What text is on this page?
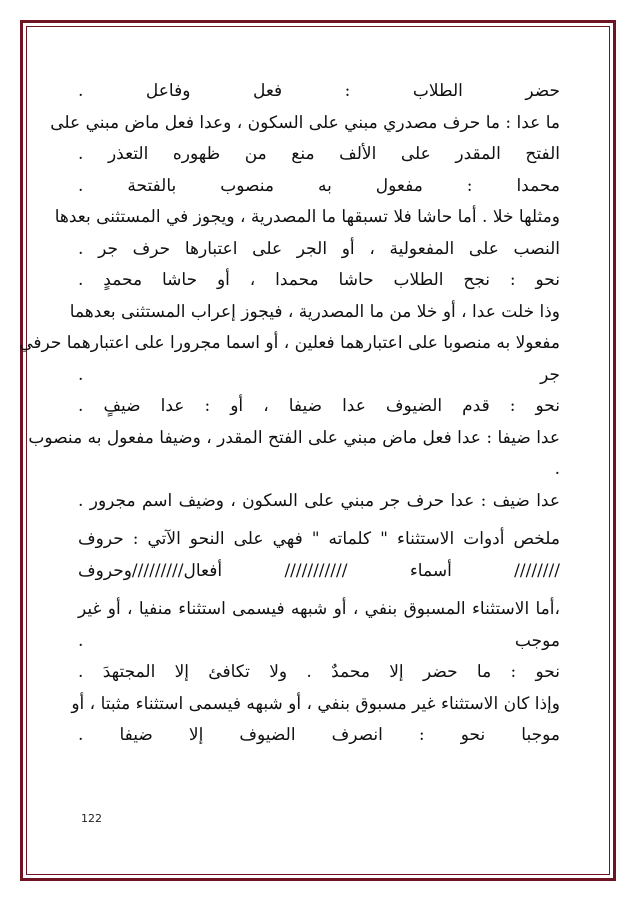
حضر الطلاب : فعل وفاعل .
ما عدا : ما حرف مصدري مبني على السكون ، وعدا فعل ماض مبني على
الفتح المقدر على الألف منع من ظهوره التعذر .
محمدا : مفعول به منصوب بالفتحة .
ومثلها خلا . أما حاشا فلا تسبقها ما المصدرية ، ويجوز في المستثنى بعدها
النصب على المفعولية ، أو الجر على اعتبارها حرف جر .
نحو : نجح الطلاب حاشا محمدا ، أو حاشا محمدٍ .
وذا خلت عدا ، أو خلا من ما المصدرية ، فيجوز إعراب المستثنى بعدهما
مفعولا به منصوبا على اعتبارهما فعلين ، أو اسما مجرورا على اعتبارهما حرفي
جر .
نحو : قدم الضيوف عدا ضيفا ، أو : عدا ضيفٍ .
عدا ضيفا : عدا فعل ماض مبني على الفتح المقدر ، وضيفا مفعول به منصوب
.
عدا ضيف : عدا حرف جر مبني على السكون ، وضيف اسم مجرور .
ملخص أدوات الاستثناء " كلماته " فهي على النحو الآتي : حروف
//////// أسماء /////////// أفعال/////////وحروف
،أما الاستثناء المسبوق بنفي ، أو شبهه فيسمى استثناء منفيا ، أو غير
موجب .
نحو : ما حضر إلا محمدٌ . ولا تكافئ إلا المجتهدَ .
وإذا كان الاستثناء غير مسبوق بنفي ، أو شبهه فيسمى استثناء مثبتا ، أو
موجبا نحو : انصرف الضيوف إلا ضيفا .
122
